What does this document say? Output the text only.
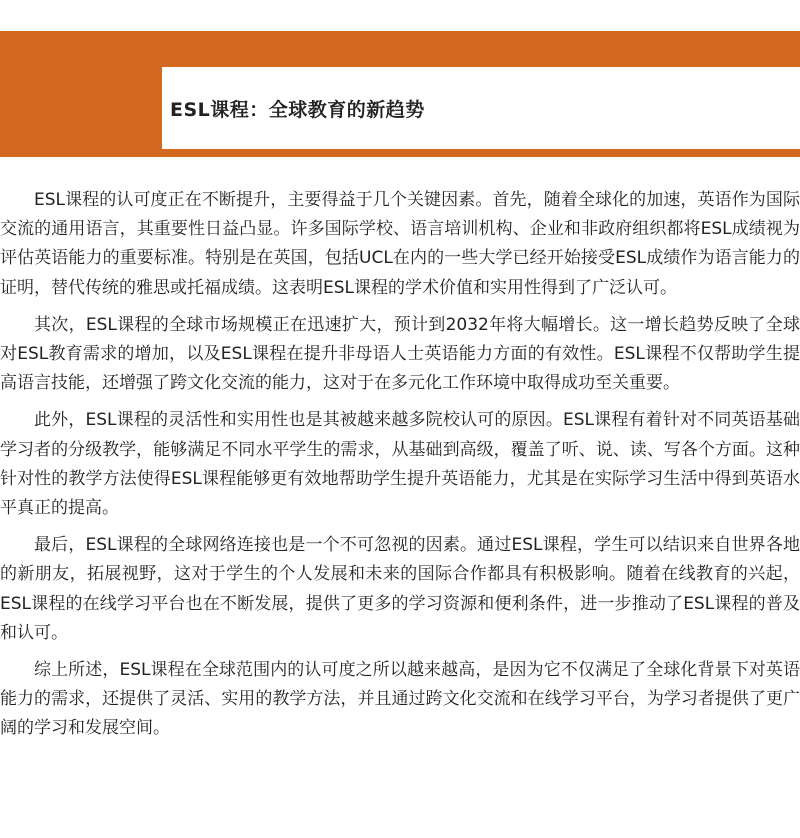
ESL课程：全球教育的新趋势

ESL课程的认可度正在不断提升，主要得益于几个关键因素。首先，随着全球化的加速，英语作为国际交流的通用语言，其重要性日益凸显。许多国际学校、语言培训机构、企业和非政府组织都将ESL成绩视为评估英语能力的重要标准。特别是在英国，包括UCL在内的一些大学已经开始接受ESL成绩作为语言能力的证明，替代传统的雅思或托福成绩。这表明ESL课程的学术价值和实用性得到了广泛认可。

其次，ESL课程的全球市场规模正在迅速扩大，预计到2032年将大幅增长。这一增长趋势反映了全球对ESL教育需求的增加，以及ESL课程在提升非母语人士英语能力方面的有效性。ESL课程不仅帮助学生提高语言技能，还增强了跨文化交流的能力，这对于在多元化工作环境中取得成功至关重要。

此外，ESL课程的灵活性和实用性也是其被越来越多院校认可的原因。ESL课程有着针对不同英语基础学习者的分级教学，能够满足不同水平学生的需求，从基础到高级，覆盖了听、说、读、写各个方面。这种针对性的教学方法使得ESL课程能够更有效地帮助学生提升英语能力，尤其是在实际学习生活中得到英语水平真正的提高。

最后，ESL课程的全球网络连接也是一个不可忽视的因素。通过ESL课程，学生可以结识来自世界各地的新朋友，拓展视野，这对于学生的个人发展和未来的国际合作都具有积极影响。随着在线教育的兴起，ESL课程的在线学习平台也在不断发展，提供了更多的学习资源和便利条件，进一步推动了ESL课程的普及和认可。

综上所述，ESL课程在全球范围内的认可度之所以越来越高，是因为它不仅满足了全球化背景下对英语能力的需求，还提供了灵活、实用的教学方法，并且通过跨文化交流和在线学习平台，为学习者提供了更广阔的学习和发展空间。
